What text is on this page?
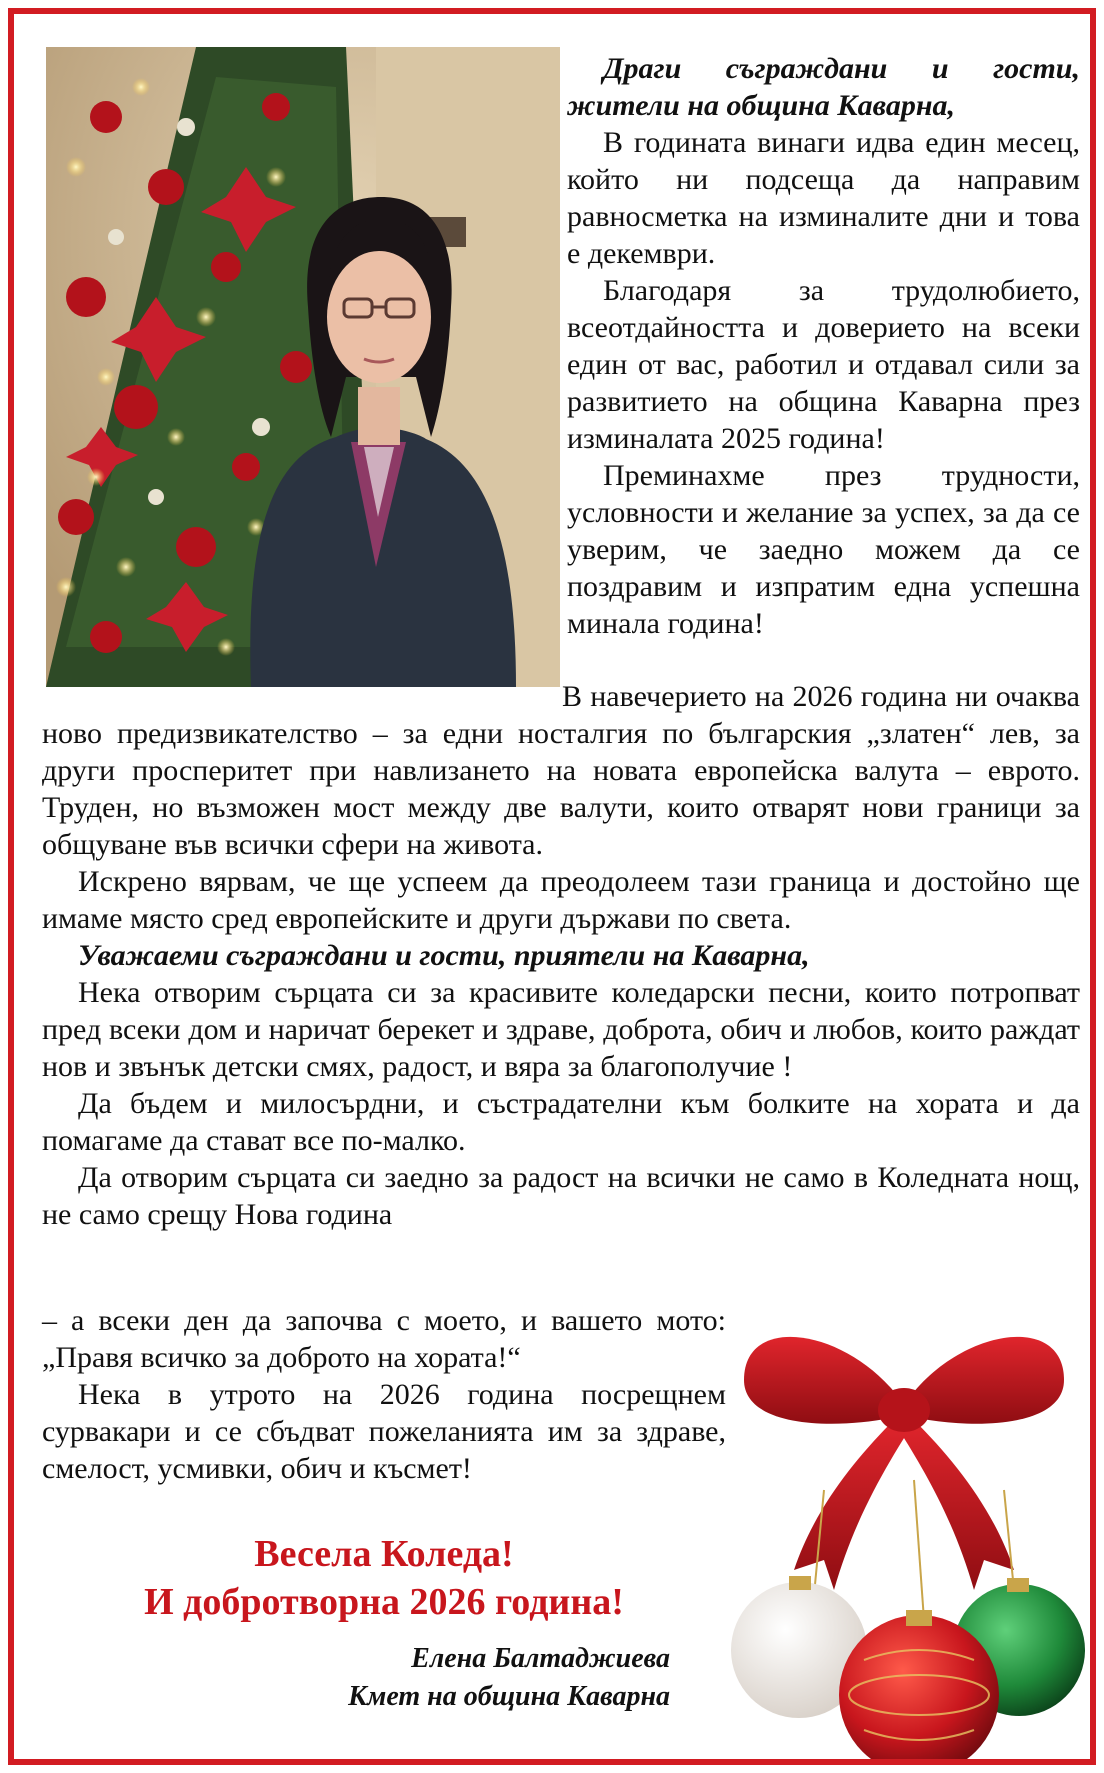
Драги съграждани и гости, жители на община Каварна,

В годината винаги идва един месец, който ни подсеща да направим равносметка на изминалите дни и това е декември.

Благодаря за трудолюбието, всеотдайността и доверието на всеки един от вас, работил и отдавал сили за развитието на община Каварна през изминалата 2025 година!

Преминахме през трудности, условности и желание за успех, за да се уверим, че заедно можем да се поздравим и изпратим една успешна минала година!

В навечерието на 2026 година ни очаква ново предизвикателство – за едни носталгия по българския „златен“ лев, за други просперитет при навлизането на новата европейска валута – еврото. Труден, но възможен мост между две валути, които отварят нови граници за общуване във всички сфери на живота.

Искрено вярвам, че ще успеем да преодолеем тази граница и достойно ще имаме място сред европейските и други държави по света.

Уважаеми съграждани и гости, приятели на Каварна,

Нека отворим сърцата си за красивите коледарски песни, които потропват пред всеки дом и наричат берекет и здраве, доброта, обич и любов, които раждат нов и звънък детски смях, радост, и вяра за благополучие !

Да бъдем и милосърдни, и състрадателни към болките на хората и да помагаме да стават все по-малко.

Да отворим сърцата си заедно за радост на всички не само в Коледната нощ, не само срещу Нова година

– а всеки ден да започва с моето, и вашето мото: „Правя всичко за доброто на хората!“

Нека в утрото на 2026 година посрещнем сурвакари и се сбъдват пожеланията им за здраве, смелост, усмивки, обич и късмет!

Весела Коледа!
И добротворна 2026 година!
Елена Балтаджиева
Кмет на община Каварна
